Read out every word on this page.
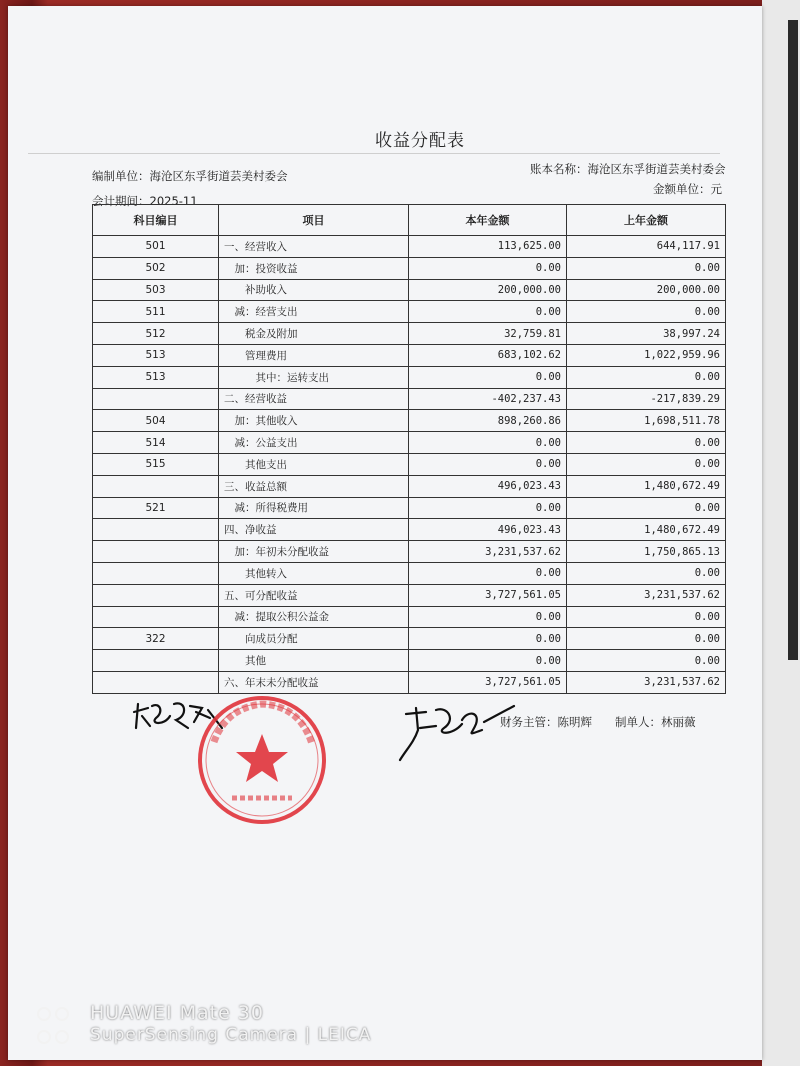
收益分配表
编制单位：海沧区东孚街道芸美村委会
会计期间：2025-11
账本名称：海沧区东孚街道芸美村委会
金额单位：元
科目编目	项目	本年金额	上年金额
501	一、经营收入	113,625.00	644,117.91
502	　加：投资收益	0.00	0.00
503	　　补助收入	200,000.00	200,000.00
511	　减：经营支出	0.00	0.00
512	　　税金及附加	32,759.81	38,997.24
513	　　管理费用	683,102.62	1,022,959.96
513	　　　其中：运转支出	0.00	0.00
	二、经营收益	-402,237.43	-217,839.29
504	　加：其他收入	898,260.86	1,698,511.78
514	　减：公益支出	0.00	0.00
515	　　其他支出	0.00	0.00
	三、收益总额	496,023.43	1,480,672.49
521	　减：所得税费用	0.00	0.00
	四、净收益	496,023.43	1,480,672.49
	　加：年初未分配收益	3,231,537.62	1,750,865.13
	　　其他转入	0.00	0.00
	五、可分配收益	3,727,561.05	3,231,537.62
	　减：提取公积公益金	0.00	0.00
322	　　向成员分配	0.00	0.00
	　　其他	0.00	0.00
	六、年末未分配收益	3,727,561.05	3,231,537.62
财务主管：陈明辉 制单人：林丽薇
HUAWEI Mate 30
SuperSensing Camera | LEICA
